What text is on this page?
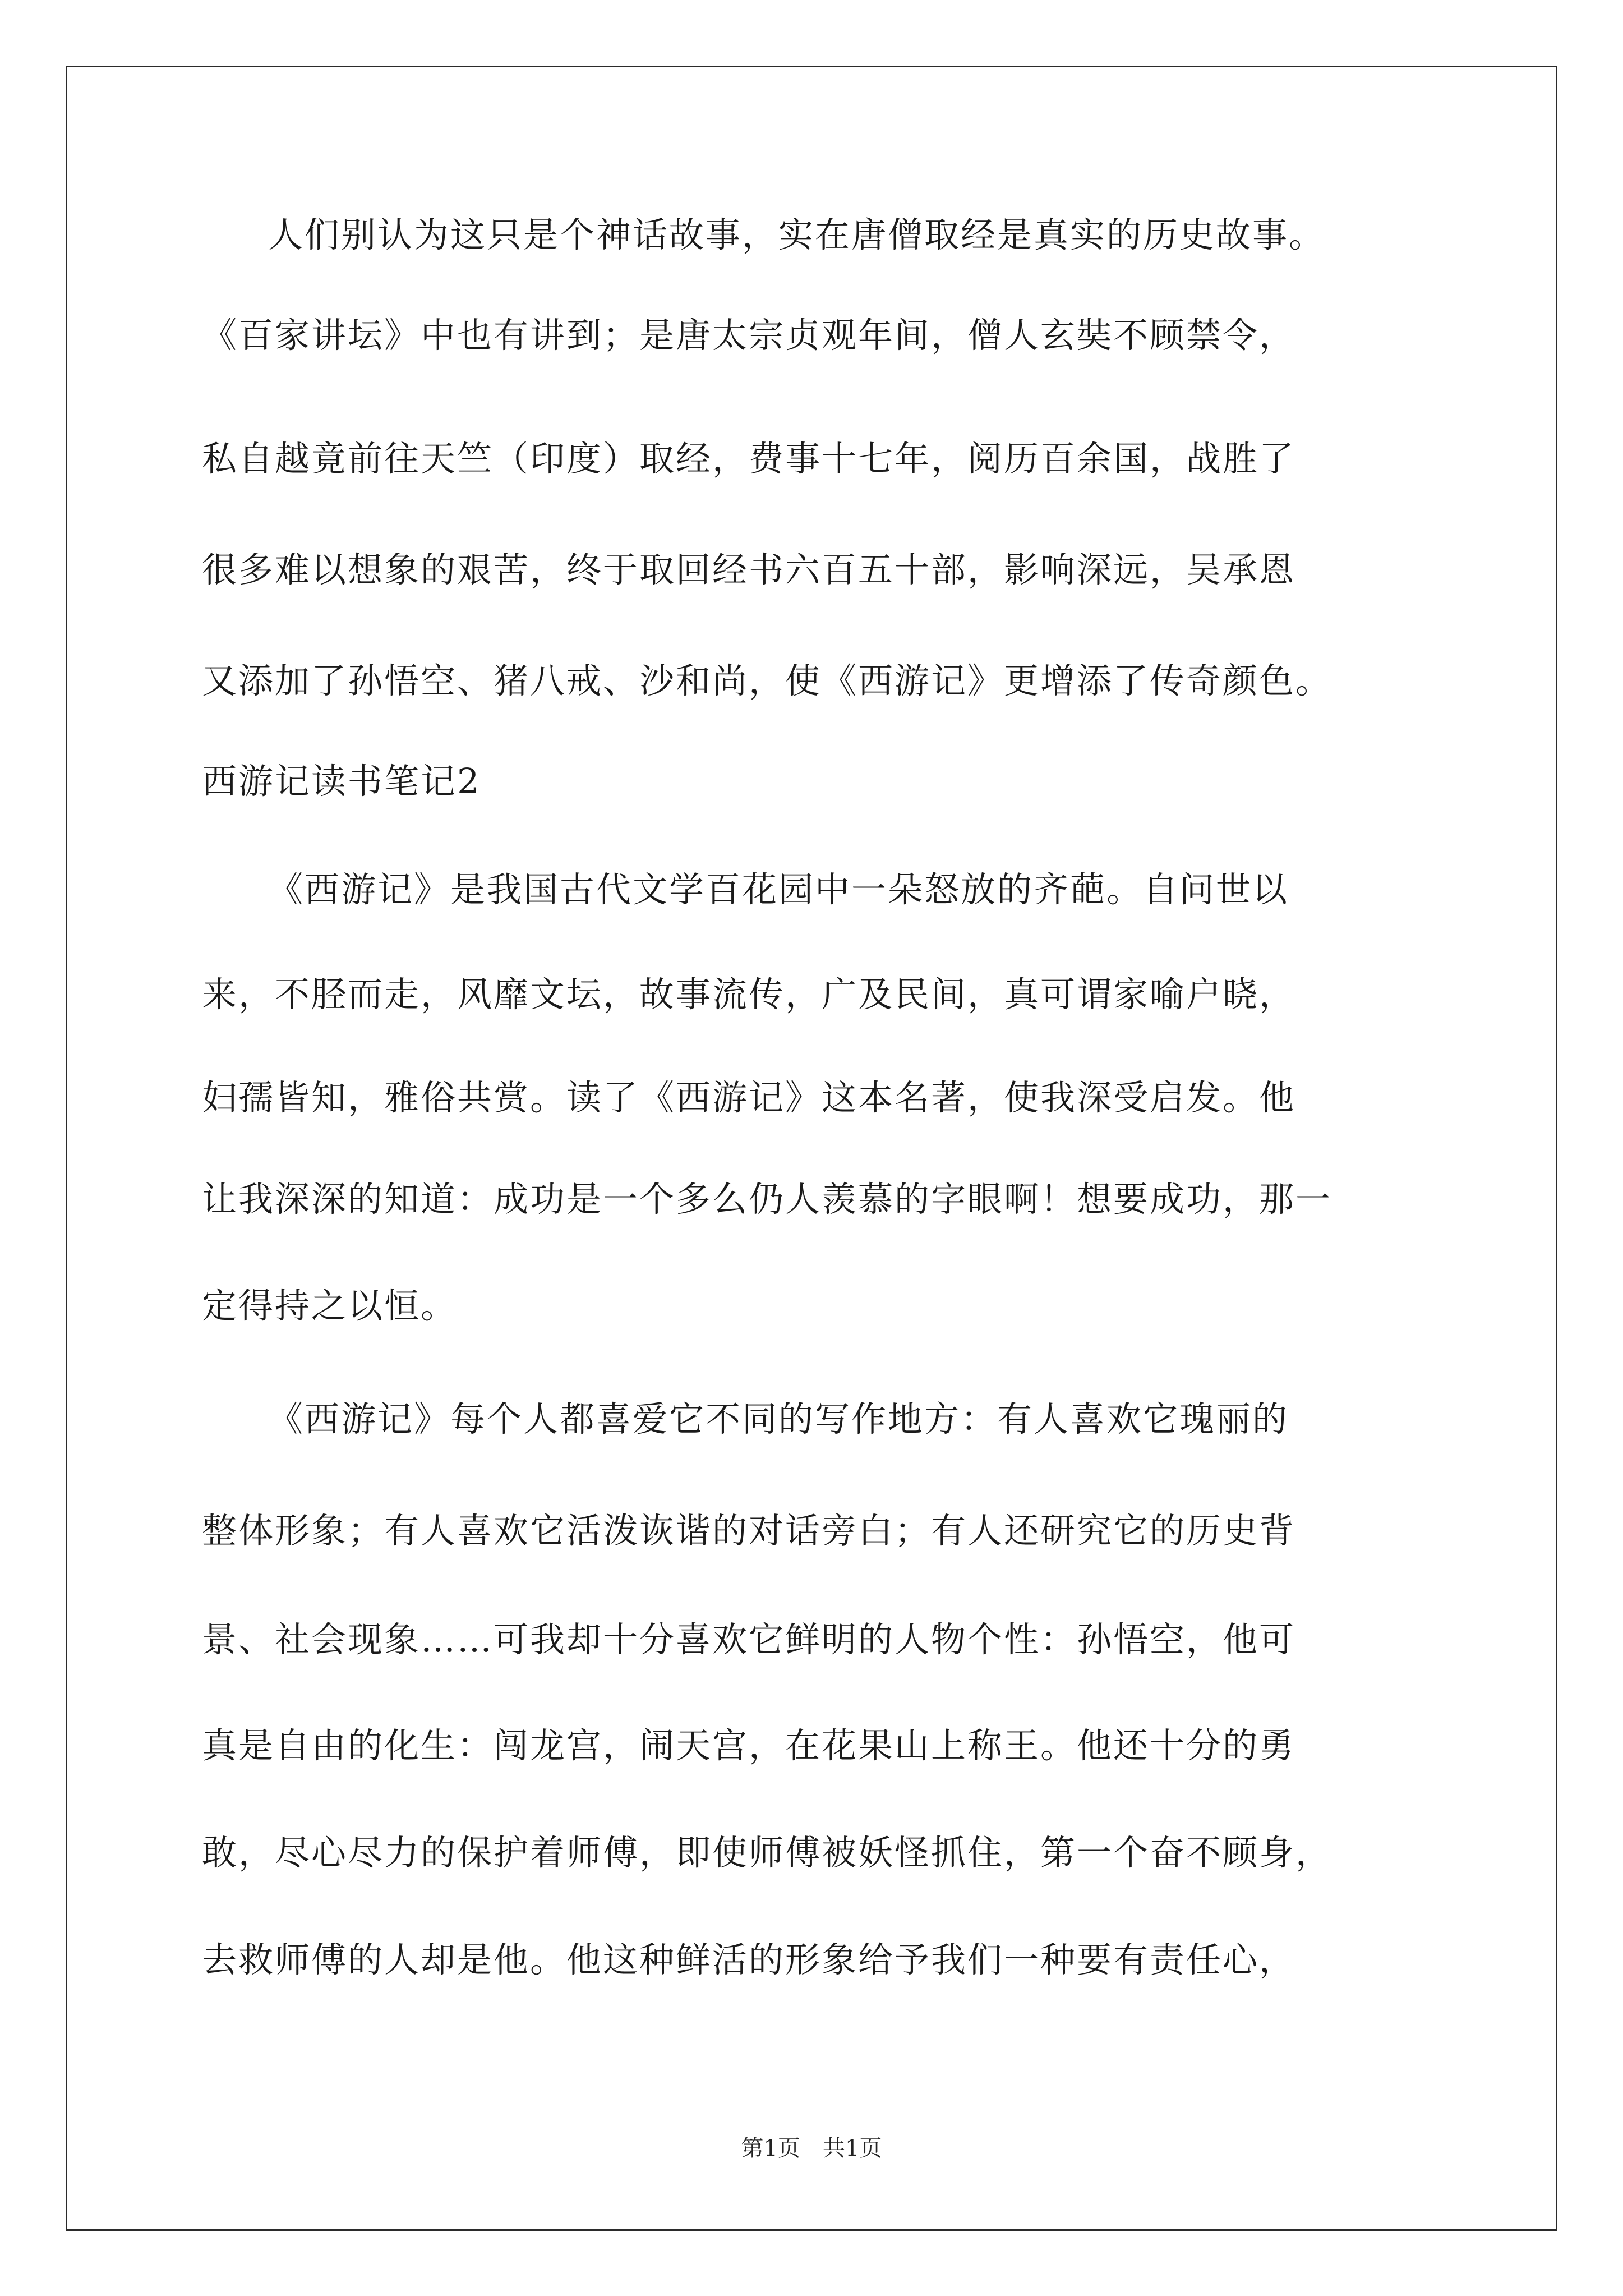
人们别认为这只是个神话故事，实在唐僧取经是真实的历史故事。
《百家讲坛》中也有讲到；是唐太宗贞观年间，僧人玄奘不顾禁令，
私自越竟前往天竺（印度）取经，费事十七年，阅历百余国，战胜了
很多难以想象的艰苦，终于取回经书六百五十部，影响深远，吴承恩
又添加了孙悟空、猪八戒、沙和尚，使《西游记》更增添了传奇颜色。
西游记读书笔记2
《西游记》是我国古代文学百花园中一朵怒放的齐葩。自问世以
来，不胫而走，风靡文坛，故事流传，广及民间，真可谓家喻户晓，
妇孺皆知，雅俗共赏。读了《西游记》这本名著，使我深受启发。他
让我深深的知道：成功是一个多么仍人羡慕的字眼啊！想要成功，那一
定得持之以恒。
《西游记》每个人都喜爱它不同的写作地方：有人喜欢它瑰丽的
整体形象；有人喜欢它活泼诙谐的对话旁白；有人还研究它的历史背
景、社会现象……可我却十分喜欢它鲜明的人物个性：孙悟空，他可
真是自由的化生：闯龙宫，闹天宫，在花果山上称王。他还十分的勇
敢，尽心尽力的保护着师傅，即使师傅被妖怪抓住，第一个奋不顾身，
去救师傅的人却是他。他这种鲜活的形象给予我们一种要有责任心，
第1页　共1页
